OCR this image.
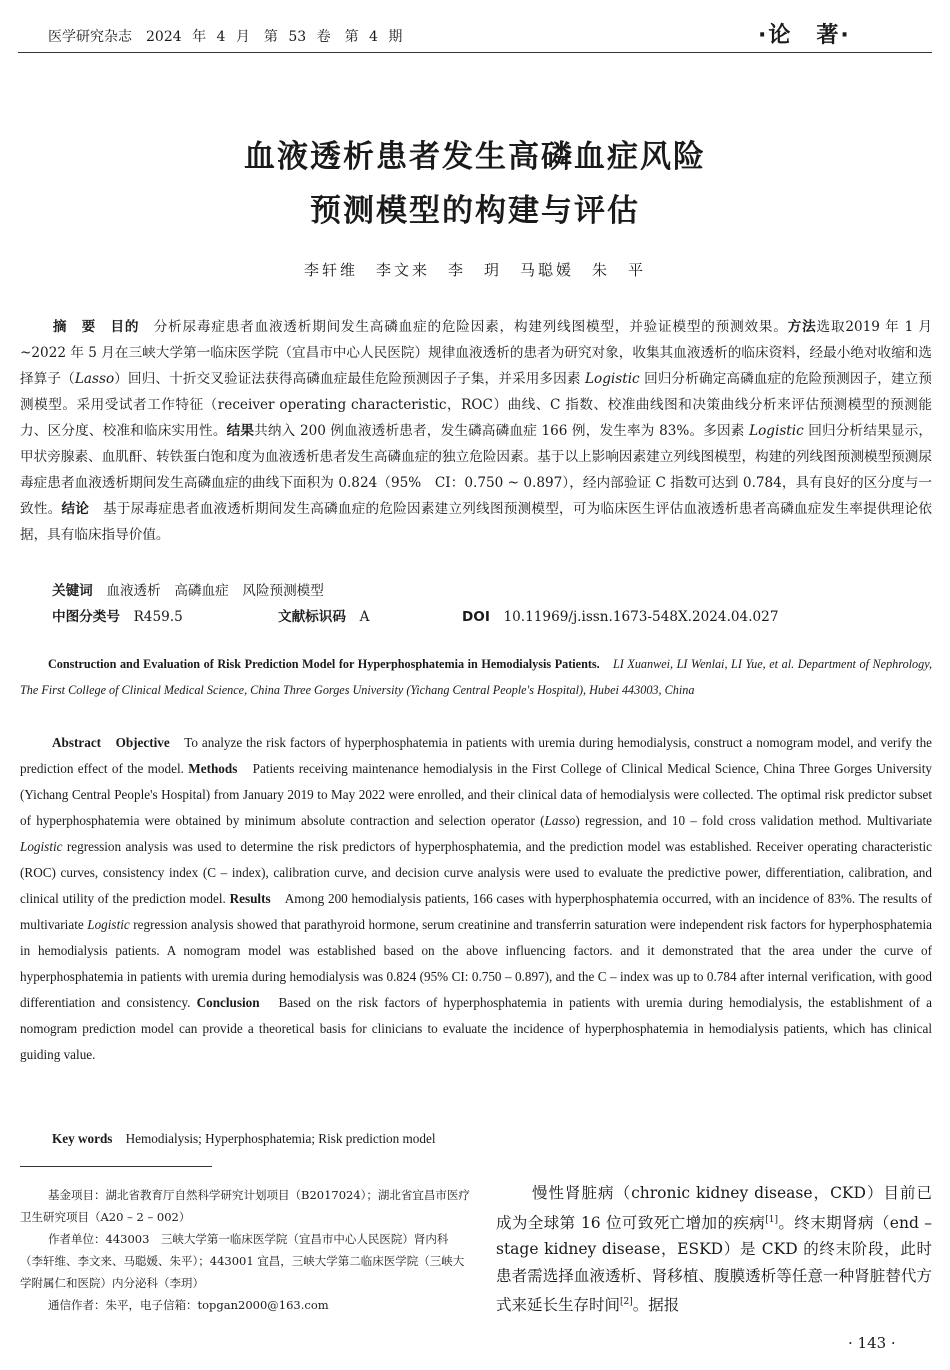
医学研究杂志　2024 年 4 月　第 53 卷　第 4 期	·论　著·
血液透析患者发生高磷血症风险
预测模型的构建与评估
李轩维　李文来　李　玥　马聪媛　朱　平
摘　要　 目的　分析尿毒症患者血液透析期间发生高磷血症的危险因素，构建列线图模型，并验证模型的预测效果。方法选取2019 年 1 月 ~2022 年 5 月在三峡大学第一临床医学院（宜昌市中心人民医院）规律血液透析的患者为研究对象，收集其血液透析的临床资料，经最小绝对收缩和选择算子（Lasso）回归、十折交叉验证法获得高磷血症最佳危险预测因子子集，并采用多因素 Logistic 回归分析确定高磷血症的危险预测因子，建立预测模型。采用受试者工作特征（receiver operating characteristic，ROC）曲线、C 指数、校准曲线图和决策曲线分析来评估预测模型的预测能力、区分度、校准和临床实用性。结果共纳入 200 例血液透析患者，发生磷高磷血症 166 例，发生率为 83%。多因素 Logistic 回归分析结果显示，甲状旁腺素、血肌酐、转铁蛋白饱和度为血液透析患者发生高磷血症的独立危险因素。基于以上影响因素建立列线图模型，构建的列线图预测模型预测尿毒症患者血液透析期间发生高磷血症的曲线下面积为 0.824（95%　CI：0.750 ~ 0.897），经内部验证 C 指数可达到 0.784，具有良好的区分度与一致性。结论　基于尿毒症患者血液透析期间发生高磷血症的危险因素建立列线图预测模型，可为临床医生评估血液透析患者高磷血症发生率提供理论依据，具有临床指导价值。
关键词　 血液透析　高磷血症　风险预测模型
中图分类号　 R459.5	文献标识码　 A	DOI　 10.11969/j.issn.1673-548X.2024.04.027
Construction and Evaluation of Risk Prediction Model for Hyperphosphatemia in Hemodialysis Patients.　 LI Xuanwei, LI Wenlai, LI Yue, et al. Department of Nephrology, The First College of Clinical Medical Science, China Three Gorges University (Yichang Central People's Hospital), Hubei 443003, China
Abstract　 Objective　 To analyze the risk factors of hyperphosphatemia in patients with uremia during hemodialysis, construct a nomogram model, and verify the prediction effect of the model. Methods　 Patients receiving maintenance hemodialysis in the First College of Clinical Medical Science, China Three Gorges University (Yichang Central People's Hospital) from January 2019 to May 2022 were enrolled, and their clinical data of hemodialysis were collected. The optimal risk predictor subset of hyperphosphatemia were obtained by minimum absolute contraction and selection operator (Lasso) regression, and 10 – fold cross validation method. Multivariate Logistic regression analysis was used to determine the risk predictors of hyperphosphatemia, and the prediction model was established. Receiver operating characteristic (ROC) curves, consistency index (C – index), calibration curve, and decision curve analysis were used to evaluate the predictive power, differentiation, calibration, and clinical utility of the prediction model. Results　 Among 200 hemodialysis patients, 166 cases with hyperphosphatemia occurred, with an incidence of 83%. The results of multivariate Logistic regression analysis showed that parathyroid hormone, serum creatinine and transferrin saturation were independent risk factors for hyperphosphatemia in hemodialysis patients. A nomogram model was established based on the above influencing factors. and it demonstrated that the area under the curve of hyperphosphatemia in patients with uremia during hemodialysis was 0.824 (95% CI: 0.750 – 0.897), and the C – index was up to 0.784 after internal verification, with good differentiation and consistency. Conclusion　 Based on the risk factors of hyperphosphatemia in patients with uremia during hemodialysis, the establishment of a nomogram prediction model can provide a theoretical basis for clinicians to evaluate the incidence of hyperphosphatemia in hemodialysis patients, which has clinical guiding value.
Key words　 Hemodialysis; Hyperphosphatemia; Risk prediction model
基金项目：湖北省教育厅自然科学研究计划项目（B2017024）；湖北省宜昌市医疗卫生研究项目（A20 – 2 – 002）
作者单位：443003　三峡大学第一临床医学院（宜昌市中心人民医院）肾内科（李轩维、李文来、马聪媛、朱平）；443001 宜昌，三峡大学第二临床医学院（三峡大学附属仁和医院）内分泌科（李玥）
通信作者：朱平，电子信箱：topgan2000@163.com
慢性肾脏病（chronic kidney disease，CKD）目前已成为全球第 16 位可致死亡增加的疾病[1]。终末期肾病（end – stage kidney disease，ESKD）是 CKD 的终末阶段，此时患者需选择血液透析、肾移植、腹膜透析等任意一种肾脏替代方式来延长生存时间[2]。据报
· 143 ·
